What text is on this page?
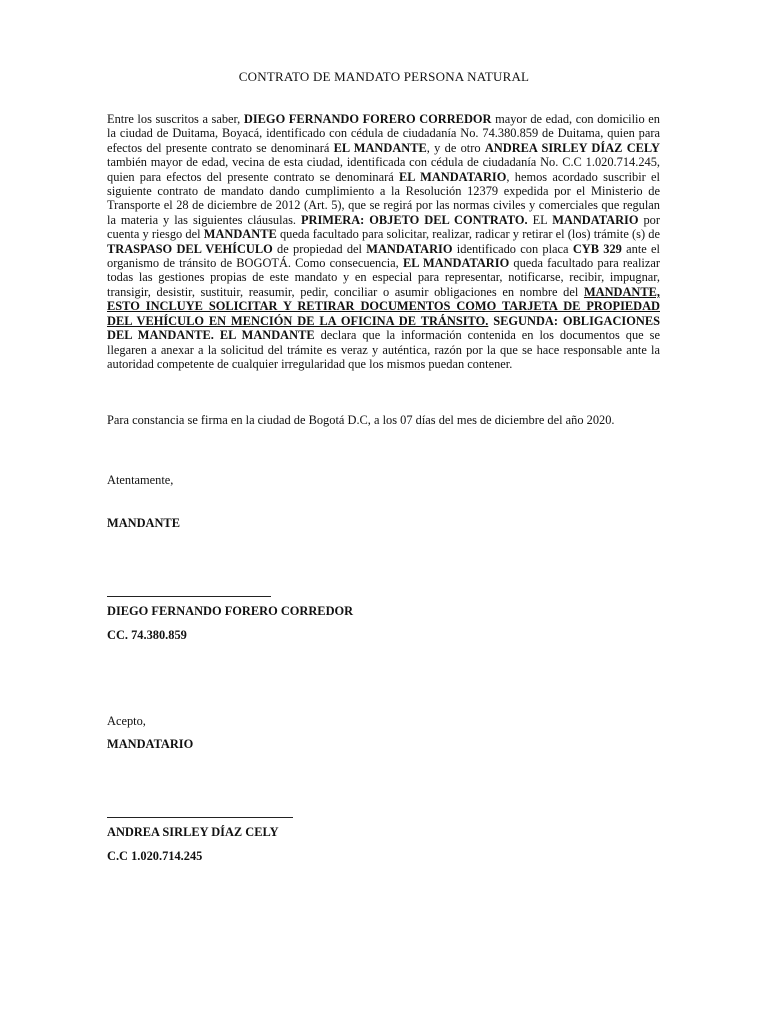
CONTRATO DE MANDATO PERSONA NATURAL

Entre los suscritos a saber, DIEGO FERNANDO FORERO CORREDOR mayor de edad, con domicilio en la ciudad de Duitama, Boyacá, identificado con cédula de ciudadanía No. 74.380.859 de Duitama, quien para efectos del presente contrato se denominará EL MANDANTE, y de otro ANDREA SIRLEY DÍAZ CELY también mayor de edad, vecina de esta ciudad, identificada con cédula de ciudadanía No. C.C 1.020.714.245, quien para efectos del presente contrato se denominará EL MANDATARIO, hemos acordado suscribir el siguiente contrato de mandato dando cumplimiento a la Resolución 12379 expedida por el Ministerio de Transporte el 28 de diciembre de 2012 (Art. 5), que se regirá por las normas civiles y comerciales que regulan la materia y las siguientes cláusulas. PRIMERA: OBJETO DEL CONTRATO. EL MANDATARIO por cuenta y riesgo del MANDANTE queda facultado para solicitar, realizar, radicar y retirar el (los) trámite (s) de TRASPASO DEL VEHÍCULO de propiedad del MANDATARIO identificado con placa CYB 329 ante el organismo de tránsito de BOGOTÁ. Como consecuencia, EL MANDATARIO queda facultado para realizar todas las gestiones propias de este mandato y en especial para representar, notificarse, recibir, impugnar, transigir, desistir, sustituir, reasumir, pedir, conciliar o asumir obligaciones en nombre del MANDANTE, ESTO INCLUYE SOLICITAR Y RETIRAR DOCUMENTOS COMO TARJETA DE PROPIEDAD DEL VEHÍCULO EN MENCIÓN DE LA OFICINA DE TRÁNSITO. SEGUNDA: OBLIGACIONES DEL MANDANTE. EL MANDANTE declara que la información contenida en los documentos que se llegaren a anexar a la solicitud del trámite es veraz y auténtica, razón por la que se hace responsable ante la autoridad competente de cualquier irregularidad que los mismos puedan contener.

Para constancia se firma en la ciudad de Bogotá D.C, a los 07 días del mes de diciembre del año 2020.

Atentamente,
MANDANTE
DIEGO FERNANDO FORERO CORREDOR
CC. 74.380.859
Acepto,
MANDATARIO
ANDREA SIRLEY DÍAZ CELY
C.C 1.020.714.245
